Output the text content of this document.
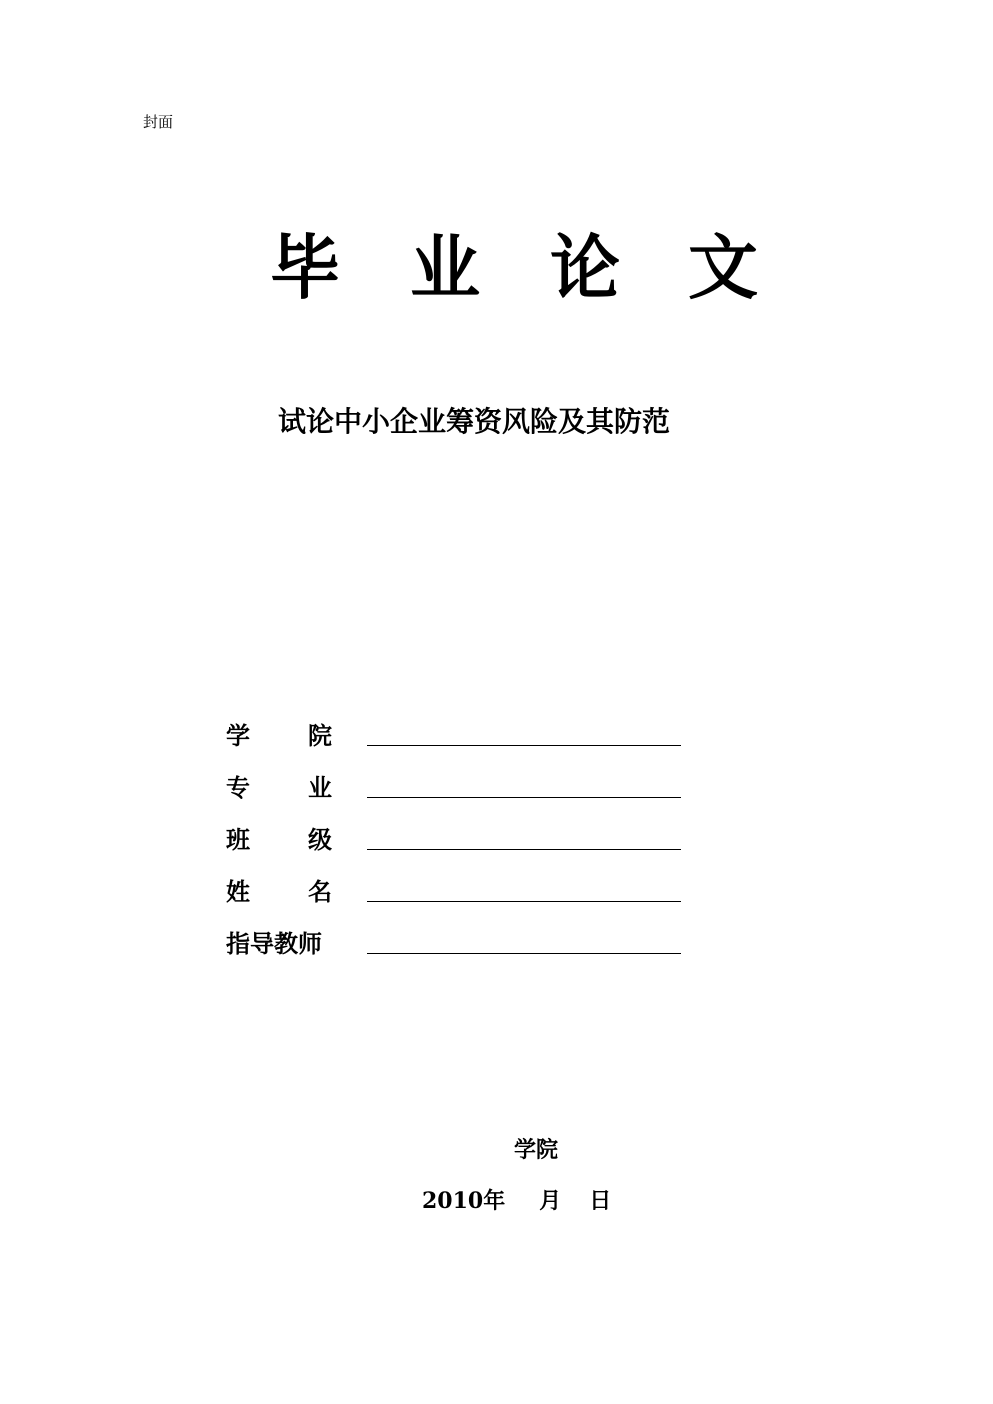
封面
毕 业 论 文
试论中小企业筹资风险及其防范
学 院
专 业
班 级
姓 名
指导教师
学院
2010年 月 日
